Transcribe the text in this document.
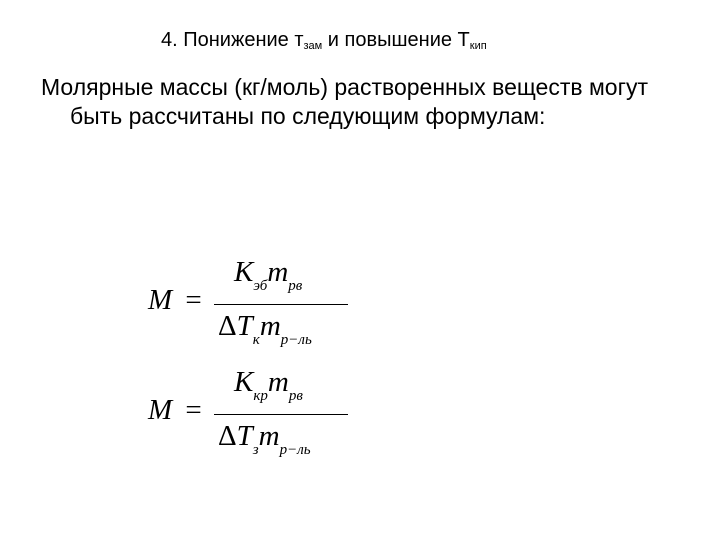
4. Понижение $т_{зам}$ и повышение $Т_{кип}$
Молярные массы (кг/моль) растворенных веществ могут быть рассчитаны по следующим формулам:
M =
$K_{эб}m_{рв}$
$\Delta T_кm_{р-ль}$
M =
$K_{кр}m_{рв}$
$\Delta T_зm_{р-ль}$
